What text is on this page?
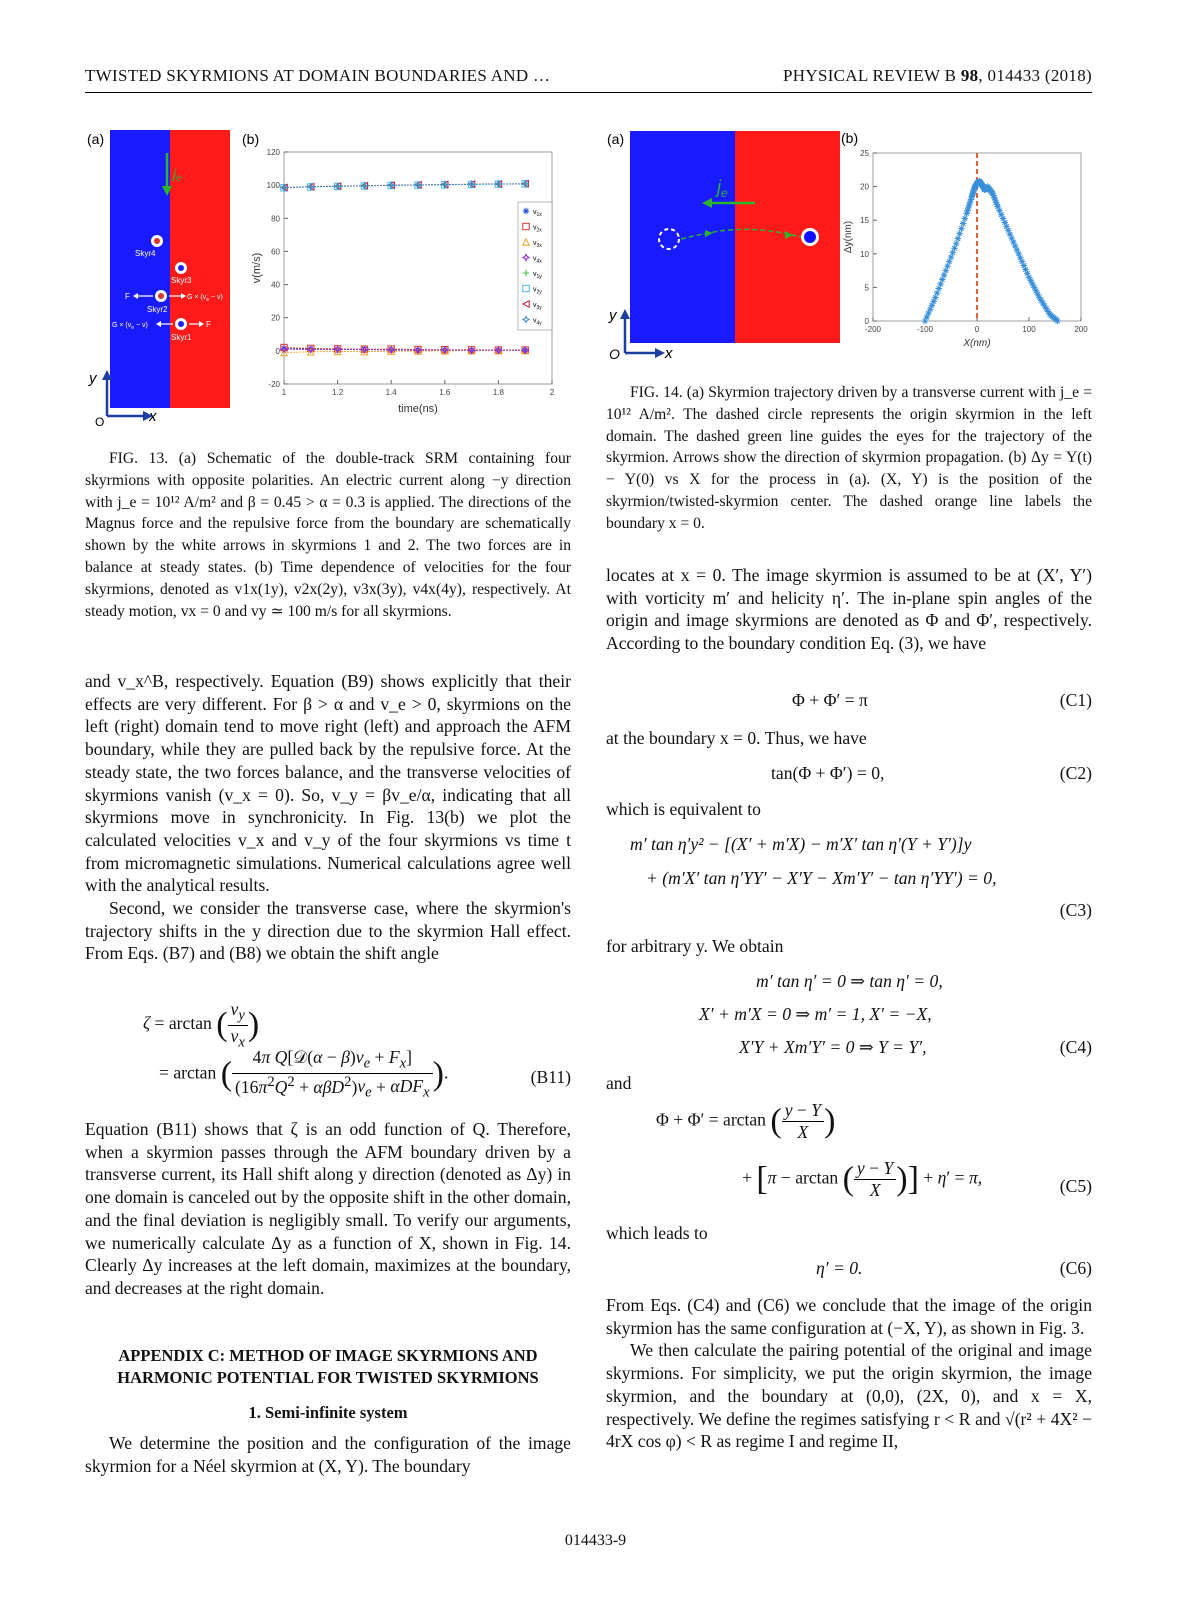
TWISTED SKYRMIONS AT DOMAIN BOUNDARIES AND …	PHYSICAL REVIEW B 98, 014433 (2018)
(a)
$j_e$
Skyr4
Skyr3
Skyr2
Skyr1
F	$G \times (v_e - v)$
$G \times (v_e - v)$	F
y
x
O
(b)
-20
0
20
40
60
80
100
120
1	1.2	1.4	1.6	1.8	2
time(ns)
v(m/s)
$v_{1x}$
$v_{2x}$
$v_{3x}$
$v_{4x}$
$v_{1y}$
$v_{2y}$
$v_{3y}$
$v_{4y}$

FIG. 13. (a) Schematic of the double-track SRM containing four skyrmions with opposite polarities. An electric current along −y direction with j_e = 10¹² A/m² and β = 0.45 > α = 0.3 is applied. The directions of the Magnus force and the repulsive force from the boundary are schematically shown by the white arrows in skyrmions 1 and 2. The two forces are in balance at steady states. (b) Time dependence of velocities for the four skyrmions, denoted as v1x(1y), v2x(2y), v3x(3y), v4x(4y), respectively. At steady motion, vx = 0 and vy ≃ 100 m/s for all skyrmions.

(a)
$j_e$
y
x
O
(b)
0
5
10
15
20
25
-200	-100	0	100	200
X(nm)
Δy(nm)

FIG. 14. (a) Skyrmion trajectory driven by a transverse current with j_e = 10¹² A/m². The dashed circle represents the origin skyrmion in the left domain. The dashed green line guides the eyes for the trajectory of the skyrmion. Arrows show the direction of skyrmion propagation. (b) Δy = Y(t) − Y(0) vs X for the process in (a). (X, Y) is the position of the skyrmion/twisted-skyrmion center. The dashed orange line labels the boundary x = 0.

and v_x^B, respectively. Equation (B9) shows explicitly that their effects are very different. For β > α and v_e > 0, skyrmions on the left (right) domain tend to move right (left) and approach the AFM boundary, while they are pulled back by the repulsive force. At the steady state, the two forces balance, and the transverse velocities of skyrmions vanish (v_x = 0). So, v_y = βv_e/α, indicating that all skyrmions move in synchronicity. In Fig. 13(b) we plot the calculated velocities v_x and v_y of the four skyrmions vs time t from micromagnetic simulations. Numerical calculations agree well with the analytical results.

Second, we consider the transverse case, where the skyrmion's trajectory shifts in the y direction due to the skyrmion Hall effect. From Eqs. (B7) and (B8) we obtain the shift angle

ζ = arctan ( $\frac{v_y}{v_x}$ )
= arctan ( $\frac{4\pi Q[𝒟(\alpha - \beta)v_e + F_x]}{(16\pi^2Q^2 + \alpha\beta D^2)v_e + \alpha DF_x}$ ).	(B11)

Equation (B11) shows that ζ is an odd function of Q. Therefore, when a skyrmion passes through the AFM boundary driven by a transverse current, its Hall shift along y direction (denoted as Δy) in one domain is canceled out by the opposite shift in the other domain, and the final deviation is negligibly small. To verify our arguments, we numerically calculate Δy as a function of X, shown in Fig. 14. Clearly Δy increases at the left domain, maximizes at the boundary, and decreases at the right domain.

APPENDIX C: METHOD OF IMAGE SKYRMIONS AND HARMONIC POTENTIAL FOR TWISTED SKYRMIONS
1. Semi-infinite system

We determine the position and the configuration of the image skyrmion for a Néel skyrmion at (X, Y). The boundary

locates at x = 0. The image skyrmion is assumed to be at (X′, Y′) with vorticity m′ and helicity η′. The in-plane spin angles of the origin and image skyrmions are denoted as Φ and Φ′, respectively. According to the boundary condition Eq. (3), we have

Φ + Φ′ = π	(C1)

at the boundary x = 0. Thus, we have

tan(Φ + Φ′) = 0,	(C2)

which is equivalent to

m′ tan η′y² − [(X′ + m′X) − m′X′ tan η′(Y + Y′)]y
+ (m′X′ tan η′YY′ − X′Y − Xm′Y′ − tan η′YY′) = 0,
(C3)

for arbitrary y. We obtain

m′ tan η′ = 0 ⇒ tan η′ = 0,
X′ + m′X = 0 ⇒ m′ = 1, X′ = −X,
X′Y + Xm′Y′ = 0 ⇒ Y = Y′,	(C4)

and

Φ + Φ′ = arctan ( $\frac{y - Y}{X}$ )
+ [π − arctan ( $\frac{y - Y}{X}$ )] + η′ = π,	(C5)

which leads to

η′ = 0.	(C6)

From Eqs. (C4) and (C6) we conclude that the image of the origin skyrmion has the same configuration at (−X, Y), as shown in Fig. 3.

We then calculate the pairing potential of the original and image skyrmions. For simplicity, we put the origin skyrmion, the image skyrmion, and the boundary at (0,0), (2X, 0), and x = X, respectively. We define the regimes satisfying r < R and √(r² + 4X² − 4rX cos φ) < R as regime I and regime II,

014433-9
